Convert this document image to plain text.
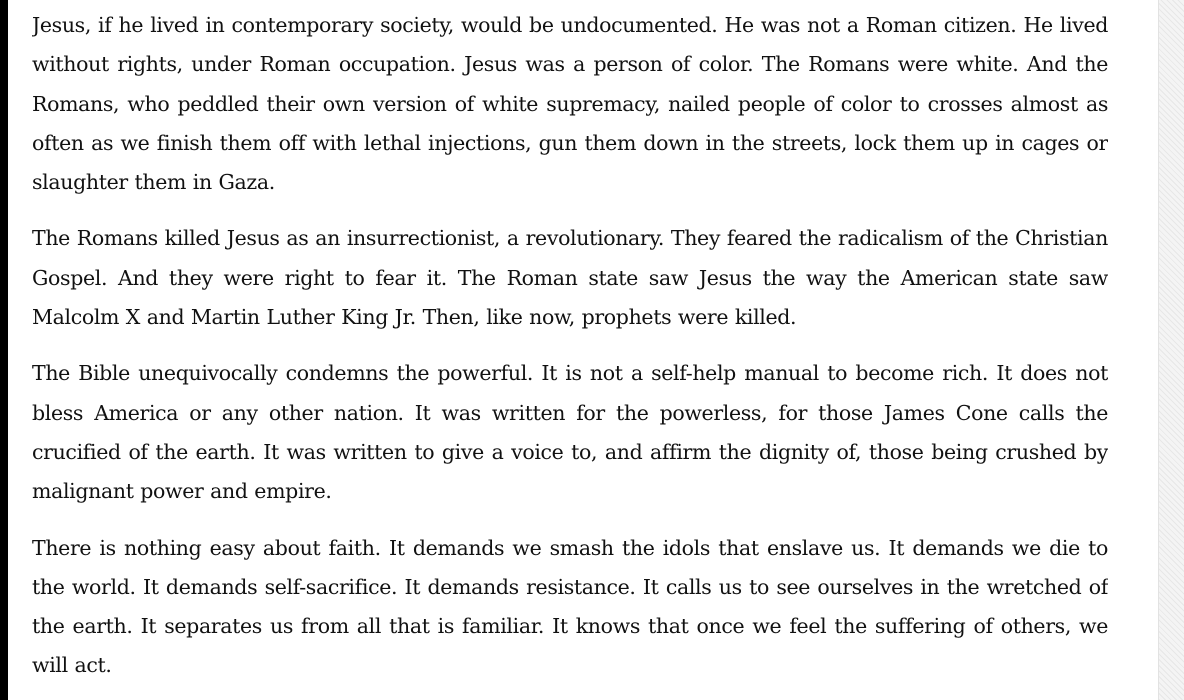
Jesus, if he lived in contemporary society, would be undocumented. He was not a Roman citizen. He lived without rights, under Roman occupation. Jesus was a person of color. The Romans were white. And the Romans, who peddled their own version of white supremacy, nailed people of color to crosses almost as often as we finish them off with lethal injections, gun them down in the streets, lock them up in cages or slaughter them in Gaza.

The Romans killed Jesus as an insurrectionist, a revolutionary. They feared the radicalism of the Christian Gospel. And they were right to fear it. The Roman state saw Jesus the way the American state saw Malcolm X and Martin Luther King Jr. Then, like now, prophets were killed.

The Bible unequivocally condemns the powerful. It is not a self-help manual to become rich. It does not bless America or any other nation. It was written for the powerless, for those James Cone calls the crucified of the earth. It was written to give a voice to, and affirm the dignity of, those being crushed by malignant power and empire.

There is nothing easy about faith. It demands we smash the idols that enslave us. It demands we die to the world. It demands self-sacrifice. It demands resistance. It calls us to see ourselves in the wretched of the earth. It separates us from all that is familiar. It knows that once we feel the suffering of others, we will act.
